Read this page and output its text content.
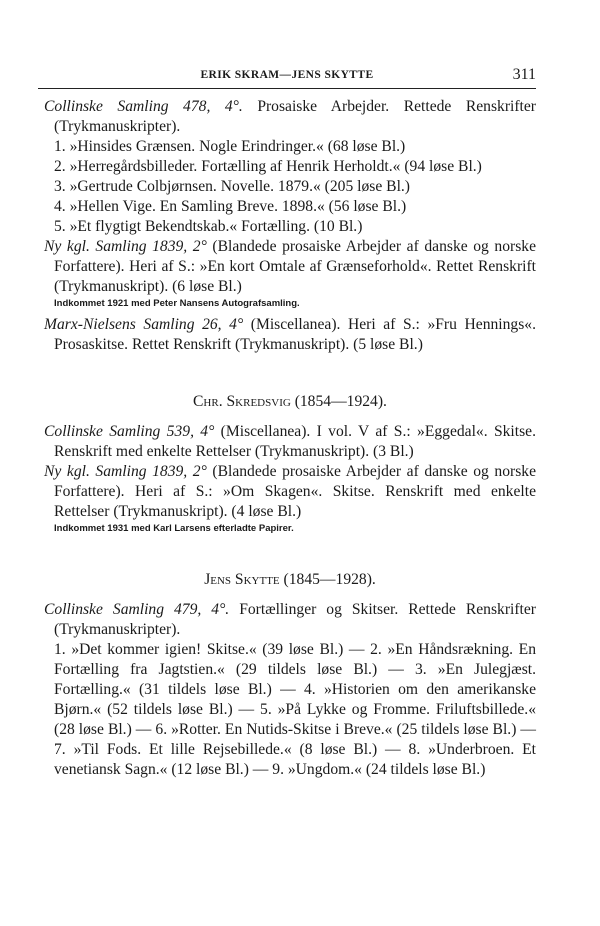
ERIK SKRAM—JENS SKYTTE	311

Collinske Samling 478, 4°. Prosaiske Arbejder. Rettede Renskrifter (Trykmanuskripter).

1. »Hinsides Grænsen. Nogle Erindringer.« (68 løse Bl.)

2. »Herregårdsbilleder. Fortælling af Henrik Herholdt.« (94 løse Bl.)

3. »Gertrude Colbjørnsen. Novelle. 1879.« (205 løse Bl.)

4. »Hellen Vige. En Samling Breve. 1898.« (56 løse Bl.)

5. »Et flygtigt Bekendtskab.« Fortælling. (10 Bl.)

Ny kgl. Samling 1839, 2° (Blandede prosaiske Arbejder af danske og norske Forfattere). Heri af S.: »En kort Omtale af Grænseforhold«. Rettet Renskrift (Trykmanuskript). (6 løse Bl.)

Indkommet 1921 med Peter Nansens Autografsamling.

Marx-Nielsens Samling 26, 4° (Miscellanea). Heri af S.: »Fru Hennings«. Prosaskitse. Rettet Renskrift (Trykmanuskript). (5 løse Bl.)

Chr. Skredsvig (1854—1924).

Collinske Samling 539, 4° (Miscellanea). I vol. V af S.: »Eggedal«. Skitse. Renskrift med enkelte Rettelser (Trykmanuskript). (3 Bl.)

Ny kgl. Samling 1839, 2° (Blandede prosaiske Arbejder af danske og norske Forfattere). Heri af S.: »Om Skagen«. Skitse. Renskrift med enkelte Rettelser (Trykmanuskript). (4 løse Bl.)

Indkommet 1931 med Karl Larsens efterladte Papirer.

Jens Skytte (1845—1928).

Collinske Samling 479, 4°. Fortællinger og Skitser. Rettede Renskrifter (Trykmanuskripter).

1. »Det kommer igien! Skitse.« (39 løse Bl.) — 2. »En Håndsrækning. En Fortælling fra Jagtstien.« (29 tildels løse Bl.) — 3. »En Julegjæst. Fortælling.« (31 tildels løse Bl.) — 4. »Historien om den amerikanske Bjørn.« (52 tildels løse Bl.) — 5. »På Lykke og Fromme. Friluftsbillede.« (28 løse Bl.) — 6. »Rotter. En Nutids-Skitse i Breve.« (25 tildels løse Bl.) — 7. »Til Fods. Et lille Rejsebillede.« (8 løse Bl.) — 8. »Underbroen. Et venetiansk Sagn.« (12 løse Bl.) — 9. »Ungdom.« (24 tildels løse Bl.)
